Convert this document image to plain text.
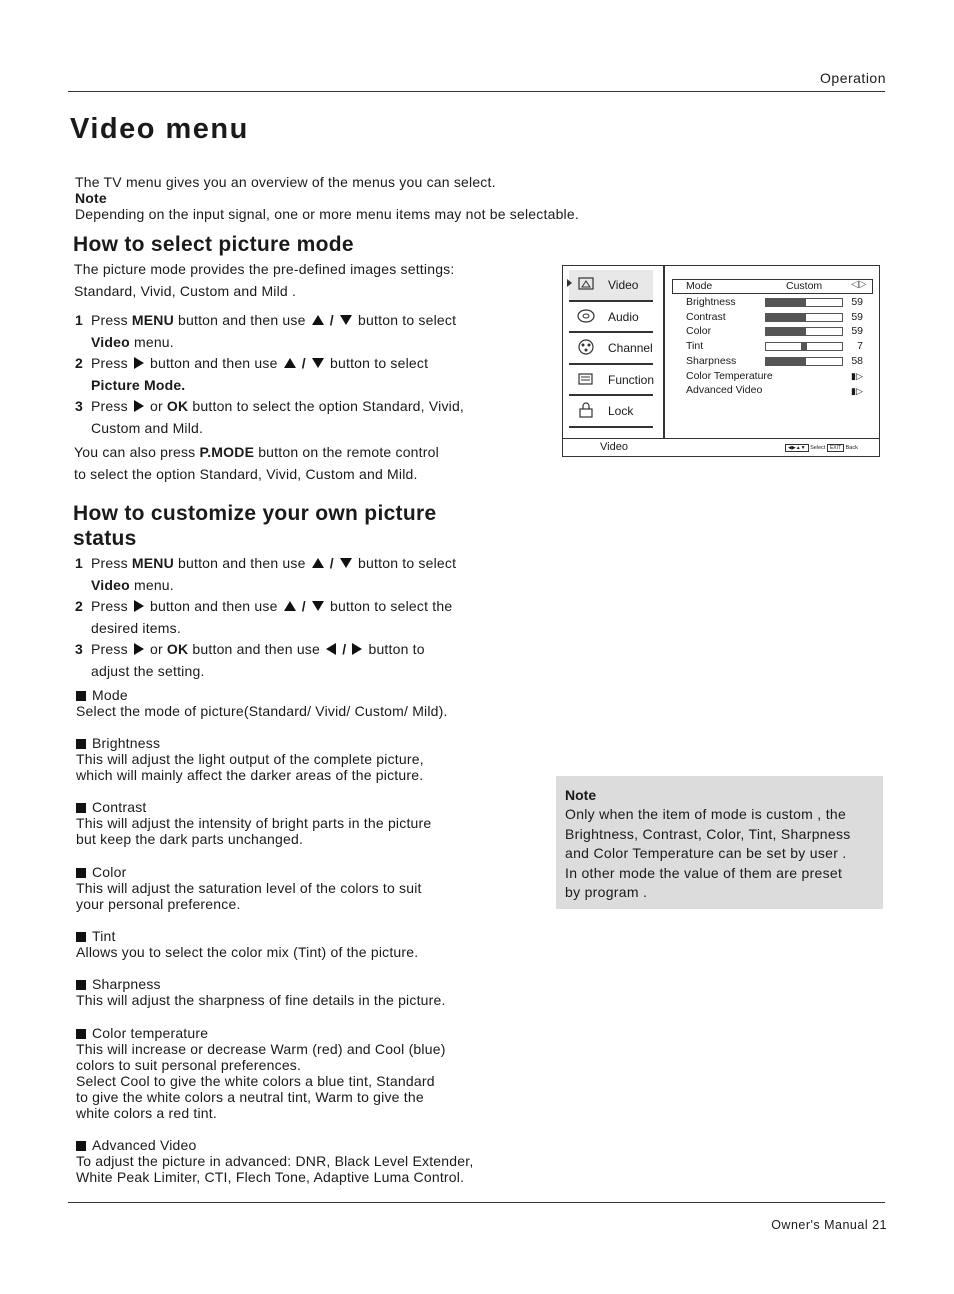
Operation
Video menu
The TV menu gives you an overview of the menus you can select.
Note
Depending on the input signal, one or more menu items may not be selectable.
How to select picture mode
The picture mode provides the pre-defined images settings:
Standard, Vivid, Custom and Mild .
1 Press MENU button and then use  /  button to select
Video menu.
2 Press  button and then use  /  button to select
Picture Mode.
3 Press  or OK button to select the option Standard, Vivid,
Custom and Mild.
You can also press P.MODE button on the remote control
to select the option Standard, Vivid, Custom and Mild.
How to customize your own picture
status
1 Press MENU button and then use  /  button to select
Video menu.
2 Press  button and then use  /  button to select the
desired items.
3 Press  or OK button and then use  /  button to
adjust the setting.
Mode
Select the mode of picture(Standard/ Vivid/ Custom/ Mild).
Brightness
This will adjust the light output of the complete picture,
which will mainly affect the darker areas of the picture.
Contrast
This will adjust the intensity of bright parts in the picture
but keep the dark parts unchanged.
Color
This will adjust the saturation level of the colors to suit
your personal preference.
Tint
Allows you to select the color mix (Tint) of the picture.
Sharpness
This will adjust the sharpness of fine details in the picture.
Color temperature
This will increase or decrease Warm (red) and Cool (blue)
colors to suit personal preferences.
Select Cool to give the white colors a blue tint, Standard
to give the white colors a neutral tint, Warm to give the
white colors a red tint.
Advanced Video
To adjust the picture in advanced: DNR, Black Level Extender,
White Peak Limiter, CTI, Flech Tone, Adaptive Luma Control.
Video
Audio
Channel
Function
Lock
Mode	Custom	◁▷
Brightness	59
Contrast	59
Color	59
Tint	7
Sharpness	58
Color Temperature	▮▷
Advanced Video	▮▷
Video	◀▶▲▼ Select EXIT Back
Note
Only when the item of mode is custom , the
Brightness, Contrast, Color, Tint, Sharpness
and Color Temperature can be set by user .
In other mode the value of them are preset
by program .
Owner's Manual 21
